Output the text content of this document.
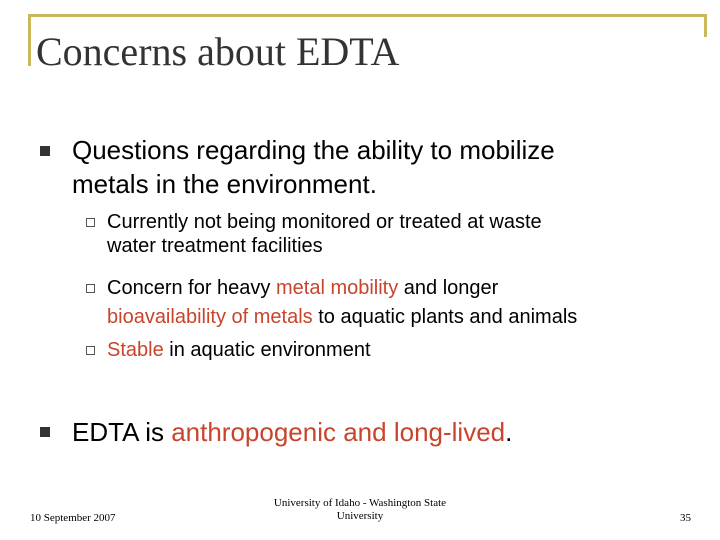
Concerns about EDTA

Questions regarding the ability to mobilize

metals in the environment.

Currently not being monitored or treated at waste

water treatment facilities

Concern for heavy metal mobility and longer

bioavailability of metals to aquatic plants and animals

Stable in aquatic environment

EDTA is anthropogenic and long-lived.

10 September 2007
University of Idaho - Washington State
University	35
